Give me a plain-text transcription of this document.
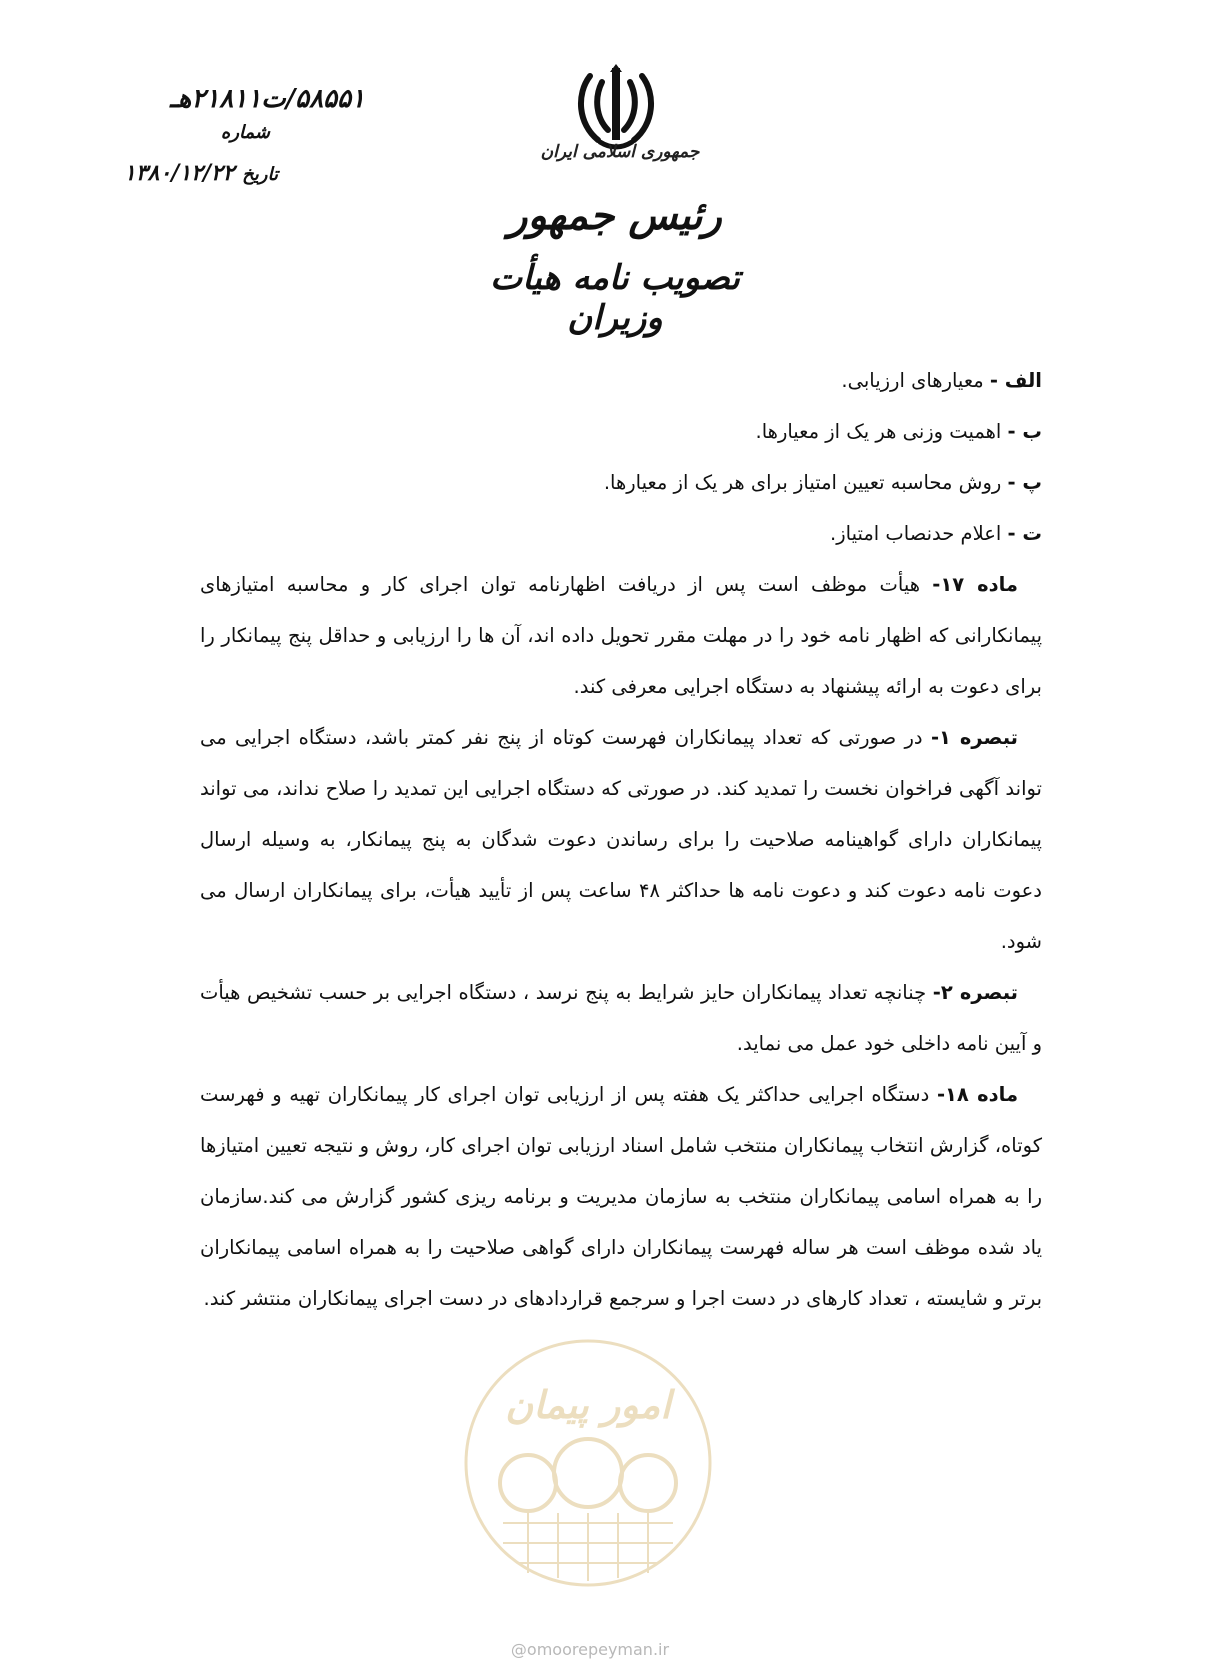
۵۸۵۵۱/ت۲۱۸۱۱هـ
شماره
تاریخ ۱۳۸۰/۱۲/۲۲
جمهوری اسلامی ایران
رئیس جمهور
تصویب نامه هیأت وزیران

الف - معیارهای ارزیابی.

ب - اهمیت وزنی هر یک از معیارها.

پ - روش محاسبه تعیین امتیاز برای هر یک از معیارها.

ت - اعلام حدنصاب امتیاز.

ماده ۱۷- هیأت موظف است پس از دریافت اظهارنامه توان اجرای کار و محاسبه امتیازهای پیمانکارانی که اظهار نامه خود را در مهلت مقرر تحویل داده اند، آن ها را ارزیابی و حداقل پنج پیمانکار را برای دعوت به ارائه پیشنهاد به دستگاه اجرایی معرفی کند.

تبصره ۱- در صورتی که تعداد پیمانکاران فهرست کوتاه از پنج نفر کمتر باشد، دستگاه اجرایی می تواند آگهی فراخوان نخست را تمدید کند. در صورتی که دستگاه اجرایی این تمدید را صلاح نداند، می تواند پیمانکاران دارای گواهینامه صلاحیت را برای رساندن دعوت شدگان به پنج پیمانکار، به وسیله ارسال دعوت نامه دعوت کند و دعوت نامه ها حداکثر ۴۸ ساعت پس از تأیید هیأت، برای پیمانکاران ارسال می شود.

تبصره ۲- چنانچه تعداد پیمانکاران حایز شرایط به پنج نرسد ، دستگاه اجرایی بر حسب تشخیص هیأت و آیین نامه داخلی خود عمل می نماید.

ماده ۱۸- دستگاه اجرایی حداکثر یک هفته پس از ارزیابی توان اجرای کار پیمانکاران تهیه و فهرست کوتاه، گزارش انتخاب پیمانکاران منتخب شامل اسناد ارزیابی توان اجرای کار، روش و نتیجه تعیین امتیازها را به همراه اسامی پیمانکاران منتخب به سازمان مدیریت و برنامه ریزی کشور گزارش می کند.سازمان یاد شده موظف است هر ساله فهرست پیمانکاران دارای گواهی صلاحیت را به همراه اسامی پیمانکاران برتر و شایسته ، تعداد کارهای در دست اجرا و سرجمع قراردادهای در دست اجرای پیمانکاران منتشر کند.

امور پیمان
@omoorepeyman.ir
